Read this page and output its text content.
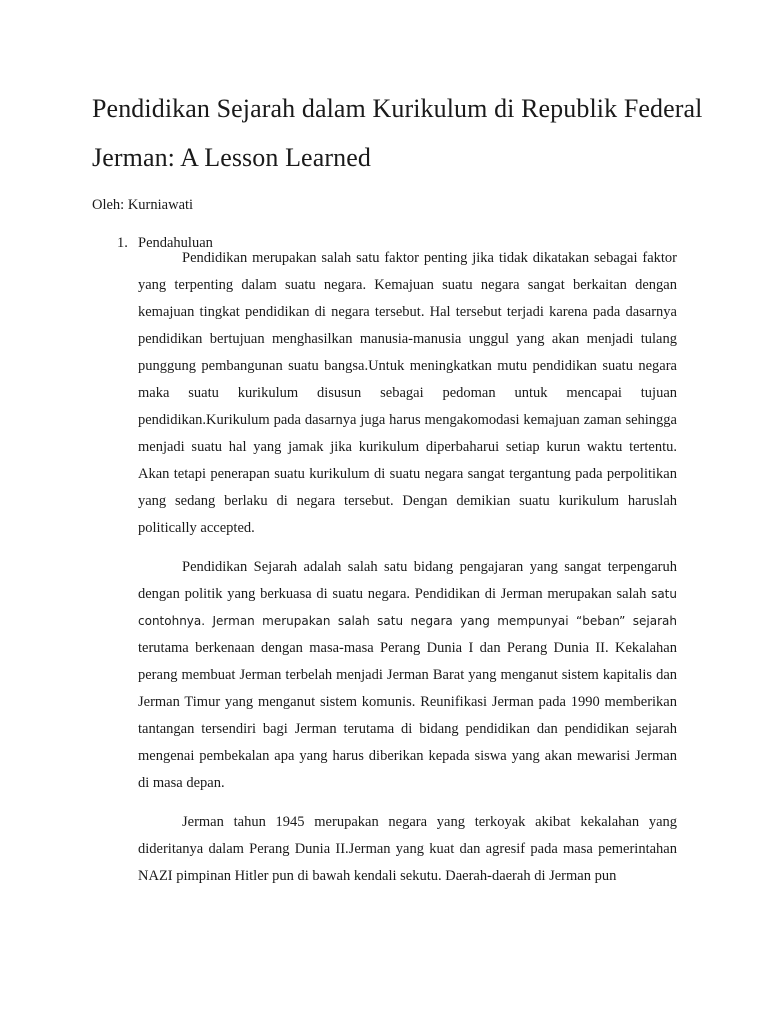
Pendidikan Sejarah dalam Kurikulum di Republik Federal Jerman: A Lesson Learned

Oleh: Kurniawati

1. Pendahuluan

Pendidikan merupakan salah satu faktor penting jika tidak dikatakan sebagai faktor yang terpenting dalam suatu negara. Kemajuan suatu negara sangat berkaitan dengan kemajuan tingkat pendidikan di negara tersebut. Hal tersebut terjadi karena pada dasarnya pendidikan bertujuan menghasilkan manusia-manusia unggul yang akan menjadi tulang punggung pembangunan suatu bangsa.Untuk meningkatkan mutu pendidikan suatu negara maka suatu kurikulum disusun sebagai pedoman untuk mencapai tujuan pendidikan.Kurikulum pada dasarnya juga harus mengakomodasi kemajuan zaman sehingga menjadi suatu hal yang jamak jika kurikulum diperbaharui setiap kurun waktu tertentu. Akan tetapi penerapan suatu kurikulum di suatu negara sangat tergantung pada perpolitikan yang sedang berlaku di negara tersebut. Dengan demikian suatu kurikulum haruslah politically accepted.

Pendidikan Sejarah adalah salah satu bidang pengajaran yang sangat terpengaruh dengan politik yang berkuasa di suatu negara. Pendidikan di Jerman merupakan salah satu contohnya. Jerman merupakan salah satu negara yang mempunyai “beban” sejarah terutama berkenaan dengan masa-masa Perang Dunia I dan Perang Dunia II. Kekalahan perang membuat Jerman terbelah menjadi Jerman Barat yang menganut sistem kapitalis dan Jerman Timur yang menganut sistem komunis. Reunifikasi Jerman pada 1990 memberikan tantangan tersendiri bagi Jerman terutama di bidang pendidikan dan pendidikan sejarah mengenai pembekalan apa yang harus diberikan kepada siswa yang akan mewarisi Jerman di masa depan.

Jerman tahun 1945 merupakan negara yang terkoyak akibat kekalahan yang dideritanya dalam Perang Dunia II.Jerman yang kuat dan agresif pada masa pemerintahan NAZI pimpinan Hitler pun di bawah kendali sekutu. Daerah-daerah di Jerman pun
